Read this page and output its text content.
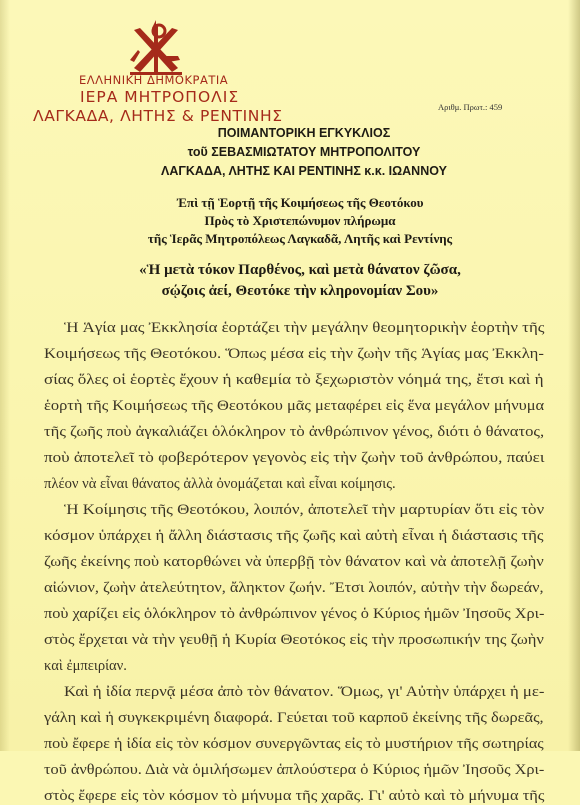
ΕΛΛΗΝΙΚΗ ΔΗΜΟΚΡΑΤΙΑ
ΙΕΡΑ ΜΗΤΡΟΠΟΛΙΣ
ΛΑΓΚΑΔΑ, ΛΗΤΗΣ & ΡΕΝΤΙΝΗΣ	Αριθμ. Πρωτ.: 459
ΠΟΙΜΑΝΤΟΡΙΚΗ ΕΓΚΥΚΛΙΟΣ
τοῦ ΣΕΒΑΣΜΙΩΤΑΤΟΥ ΜΗΤΡΟΠΟΛΙΤΟΥ
ΛΑΓΚΑΔΑ, ΛΗΤΗΣ ΚΑΙ ΡΕΝΤΙΝΗΣ κ.κ. ΙΩΑΝΝΟΥ
Ἐπὶ τῇ Ἑορτῇ τῆς Κοιμήσεως τῆς Θεοτόκου
Πρὸς τὸ Χριστεπώνυμον πλήρωμα
τῆς Ἱερᾶς Μητροπόλεως Λαγκαδᾶ, Λητῆς καὶ Ρεντίνης
«Ἡ μετὰ τόκον Παρθένος, καὶ μετὰ θάνατον ζῶσα,
σῴζοις ἀεί, Θεοτόκε τὴν κληρονομίαν Σου»
Ἡ Ἁγία μας Ἐκκλησία ἑορτάζει τὴν μεγάλην θεομητορικὴν ἑορτὴν τῆς
Κοιμήσεως τῆς Θεοτόκου. Ὅπως μέσα εἰς τὴν ζωὴν τῆς Ἁγίας μας Ἐκκλη-
σίας ὅλες οἱ ἑορτὲς ἔχουν ἡ καθεμία τὸ ξεχωριστὸν νόημά της, ἔτσι καὶ ἡ
ἑορτὴ τῆς Κοιμήσεως τῆς Θεοτόκου μᾶς μεταφέρει εἰς ἕνα μεγάλον μήνυμα
τῆς ζωῆς ποὺ ἀγκαλιάζει ὁλόκληρον τὸ ἀνθρώπινον γένος, διότι ὁ θάνατος,
ποὺ ἀποτελεῖ τὸ φοβερότερον γεγονὸς εἰς τὴν ζωὴν τοῦ ἀνθρώπου, παύει
πλέον νὰ εἶναι θάνατος ἀλλὰ ὀνομάζεται καὶ εἶναι κοίμησις.
Ἡ Κοίμησις τῆς Θεοτόκου, λοιπόν, ἀποτελεῖ τὴν μαρτυρίαν ὅτι εἰς τὸν
κόσμον ὑπάρχει ἡ ἄλλη διάστασις τῆς ζωῆς καὶ αὐτὴ εἶναι ἡ διάστασις τῆς
ζωῆς ἐκείνης ποὺ κατορθώνει νὰ ὑπερβῇ τὸν θάνατον καὶ νὰ ἀποτελῇ ζωὴν
αἰώνιον, ζωὴν ἀτελεύτητον, ἄληκτον ζωήν. Ἔτσι λοιπόν, αὐτὴν τὴν δωρεάν,
ποὺ χαρίζει εἰς ὁλόκληρον τὸ ἀνθρώπινον γένος ὁ Κύριος ἡμῶν Ἰησοῦς Χρι-
στὸς ἔρχεται νὰ τὴν γευθῇ ἡ Κυρία Θεοτόκος εἰς τὴν προσωπικήν της ζωὴν
καὶ ἐμπειρίαν.
Καὶ ἡ ἰδία περνᾷ μέσα ἀπὸ τὸν θάνατον. Ὅμως, γι' Αὐτὴν ὑπάρχει ἡ με-
γάλη καὶ ἡ συγκεκριμένη διαφορά. Γεύεται τοῦ καρποῦ ἐκείνης τῆς δωρεᾶς,
ποὺ ἔφερε ἡ ἰδία εἰς τὸν κόσμον συνεργῶντας εἰς τὸ μυστήριον τῆς σωτηρίας
τοῦ ἀνθρώπου. Διὰ νὰ ὁμιλήσωμεν ἁπλούστερα ὁ Κύριος ἡμῶν Ἰησοῦς Χρι-
στὸς ἔφερε εἰς τὸν κόσμον τὸ μήνυμα τῆς χαρᾶς. Γι' αὐτὸ καὶ τὸ μήνυμα τῆς
